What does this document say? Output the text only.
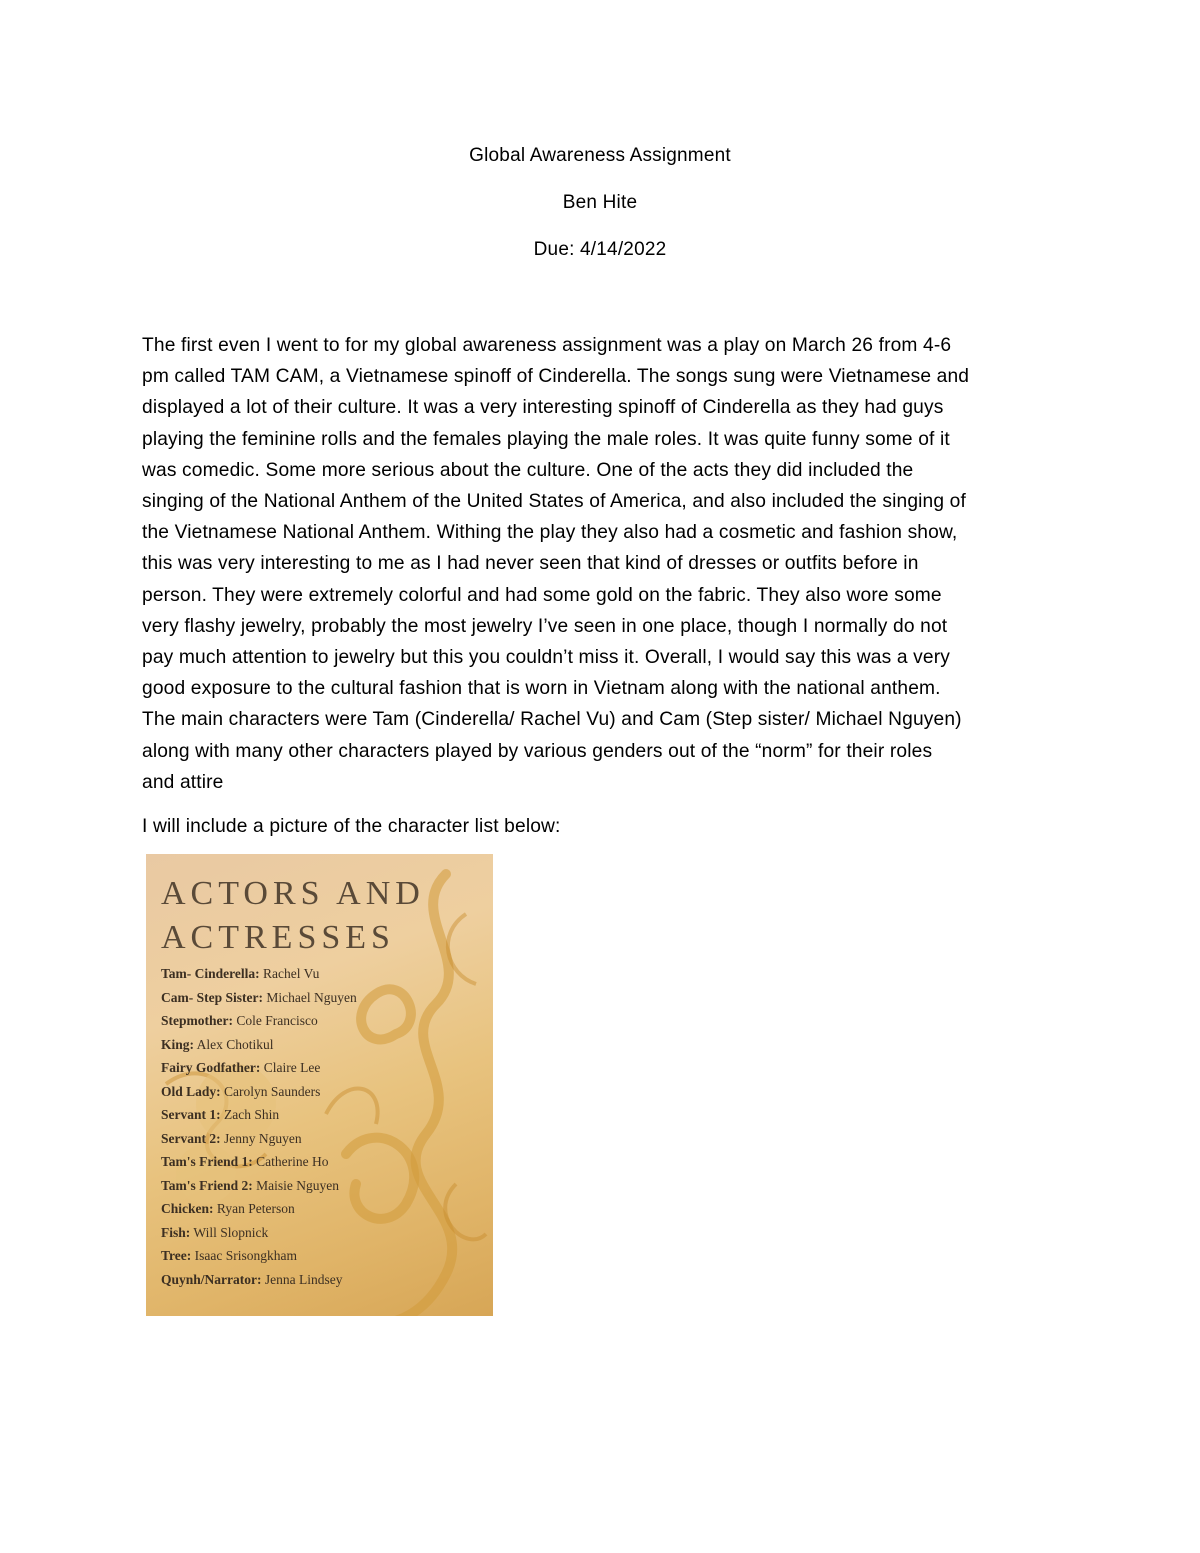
Global Awareness Assignment
Ben Hite
Due: 4/14/2022
The first even I went to for my global awareness assignment was a play on March 26 from 4-6
pm called TAM CAM, a Vietnamese spinoff of Cinderella. The songs sung were Vietnamese and
displayed a lot of their culture. It was a very interesting spinoff of Cinderella as they had guys
playing the feminine rolls and the females playing the male roles. It was quite funny some of it
was comedic. Some more serious about the culture. One of the acts they did included the
singing of the National Anthem of the United States of America, and also included the singing of
the Vietnamese National Anthem. Withing the play they also had a cosmetic and fashion show,
this was very interesting to me as I had never seen that kind of dresses or outfits before in
person. They were extremely colorful and had some gold on the fabric. They also wore some
very flashy jewelry, probably the most jewelry I’ve seen in one place, though I normally do not
pay much attention to jewelry but this you couldn’t miss it. Overall, I would say this was a very
good exposure to the cultural fashion that is worn in Vietnam along with the national anthem.
The main characters were Tam (Cinderella/ Rachel Vu) and Cam (Step sister/ Michael Nguyen)
along with many other characters played by various genders out of the “norm” for their roles
and attire
I will include a picture of the character list below:
ACTORS AND
ACTRESSES
Tam- Cinderella: Rachel Vu
Cam- Step Sister: Michael Nguyen
Stepmother: Cole Francisco
King: Alex Chotikul
Fairy Godfather: Claire Lee
Old Lady: Carolyn Saunders
Servant 1: Zach Shin
Servant 2: Jenny Nguyen
Tam's Friend 1: Catherine Ho
Tam's Friend 2: Maisie Nguyen
Chicken: Ryan Peterson
Fish: Will Slopnick
Tree: Isaac Srisongkham
Quynh/Narrator: Jenna Lindsey
